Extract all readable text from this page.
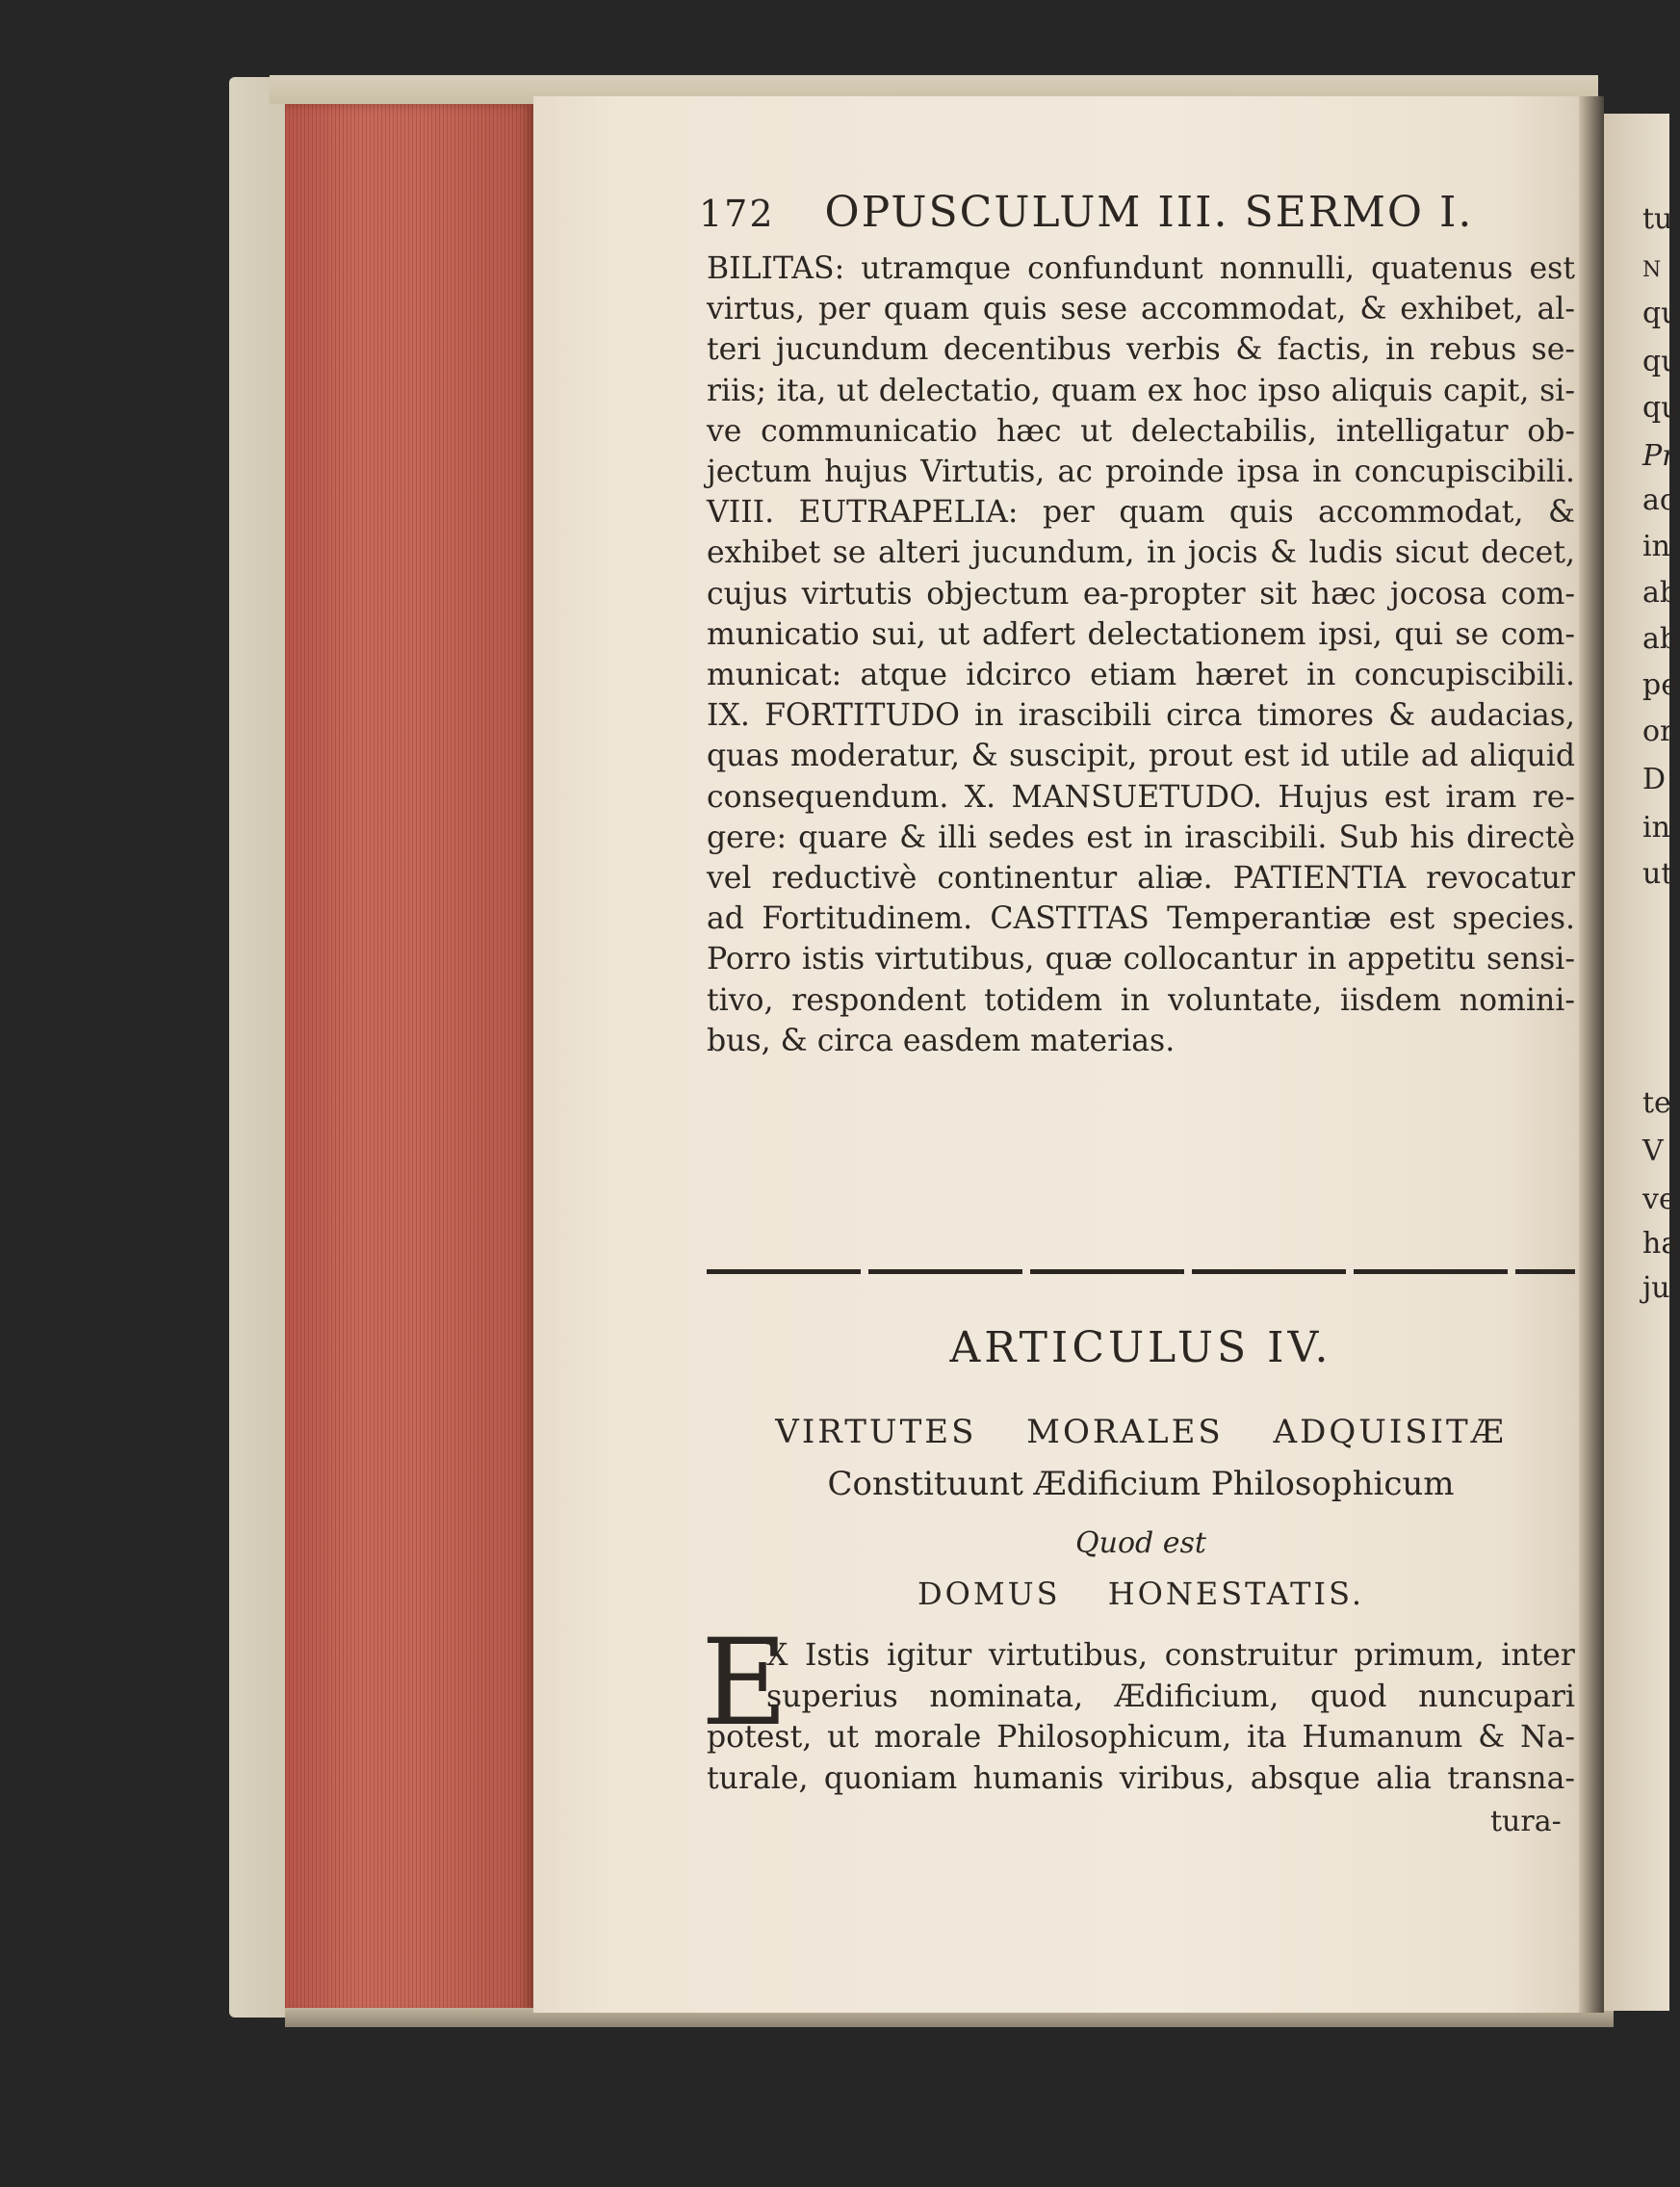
tu
N
qu
qu
qu
Pr
ac
in
ab
ab
pe
or
D
in
ut
te
V
ve
ha
ju
172 OPUSCULUM III. SERMO I.
BILITAS: utramque confundunt nonnulli, quatenus est
virtus, per quam quis sese accommodat, & exhibet, al-
teri jucundum decentibus verbis & factis, in rebus se-
riis; ita, ut delectatio, quam ex hoc ipso aliquis capit, si-
ve communicatio hæc ut delectabilis, intelligatur ob-
jectum hujus Virtutis, ac proinde ipsa in concupiscibili.
VIII. EUTRAPELIA: per quam quis accommodat, &
exhibet se alteri jucundum, in jocis & ludis sicut decet,
cujus virtutis objectum ea-propter sit hæc jocosa com-
municatio sui, ut adfert delectationem ipsi, qui se com-
municat: atque idcirco etiam hæret in concupiscibili.
IX. FORTITUDO in irascibili circa timores & audacias,
quas moderatur, & suscipit, prout est id utile ad aliquid
consequendum. X. MANSUETUDO. Hujus est iram re-
gere: quare & illi sedes est in irascibili. Sub his directè
vel reductivè continentur aliæ. PATIENTIA revocatur
ad Fortitudinem. CASTITAS Temperantiæ est species.
Porro istis virtutibus, quæ collocantur in appetitu sensi-
tivo, respondent totidem in voluntate, iisdem nomini-
bus, & circa easdem materias.
ARTICULUS IV.
VIRTUTES MORALES ADQUISITÆ
Constituunt Ædificium Philosophicum
Quod est
DOMUS HONESTATIS.
E
X Istis igitur virtutibus, construitur primum, inter
superius nominata, Ædificium, quod nuncupari
potest, ut morale Philosophicum, ita Humanum & Na-
turale, quoniam humanis viribus, absque alia transna-
tura-
